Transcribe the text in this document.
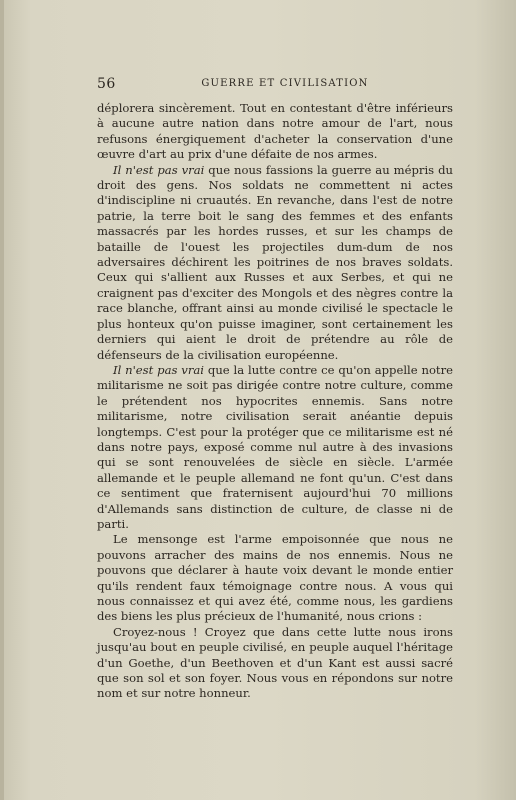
56	GUERRE ET CIVILISATION

déplorera sincèrement. Tout en contestant d'être inférieurs à aucune autre nation dans notre amour de l'art, nous refusons énergiquement d'acheter la conservation d'une œuvre d'art au prix d'une défaite de nos armes.

Il n'est pas vrai que nous fassions la guerre au mépris du droit des gens. Nos soldats ne commettent ni actes d'indiscipline ni cruautés. En revanche, dans l'est de notre patrie, la terre boit le sang des femmes et des enfants massacrés par les hordes russes, et sur les champs de bataille de l'ouest les projectiles dum-dum de nos adversaires déchirent les poitrines de nos braves soldats. Ceux qui s'allient aux Russes et aux Serbes, et qui ne craignent pas d'exciter des Mongols et des nègres contre la race blanche, offrant ainsi au monde civilisé le spectacle le plus honteux qu'on puisse imaginer, sont certainement les derniers qui aient le droit de prétendre au rôle de défenseurs de la civilisation européenne.

Il n'est pas vrai que la lutte contre ce qu'on appelle notre militarisme ne soit pas dirigée contre notre culture, comme le prétendent nos hypocrites ennemis. Sans notre militarisme, notre civilisation serait anéantie depuis longtemps. C'est pour la protéger que ce militarisme est né dans notre pays, exposé comme nul autre à des invasions qui se sont renouvelées de siècle en siècle. L'armée allemande et le peuple allemand ne font qu'un. C'est dans ce sentiment que fraternisent aujourd'hui 70 millions d'Allemands sans distinction de culture, de classe ni de parti.

Le mensonge est l'arme empoisonnée que nous ne pouvons arracher des mains de nos ennemis. Nous ne pouvons que déclarer à haute voix devant le monde entier qu'ils rendent faux témoignage contre nous. A vous qui nous connaissez et qui avez été, comme nous, les gardiens des biens les plus précieux de l'humanité, nous crions :

Croyez-nous ! Croyez que dans cette lutte nous irons jusqu'au bout en peuple civilisé, en peuple auquel l'héritage d'un Goethe, d'un Beethoven et d'un Kant est aussi sacré que son sol et son foyer. Nous vous en répondons sur notre nom et sur notre honneur.
